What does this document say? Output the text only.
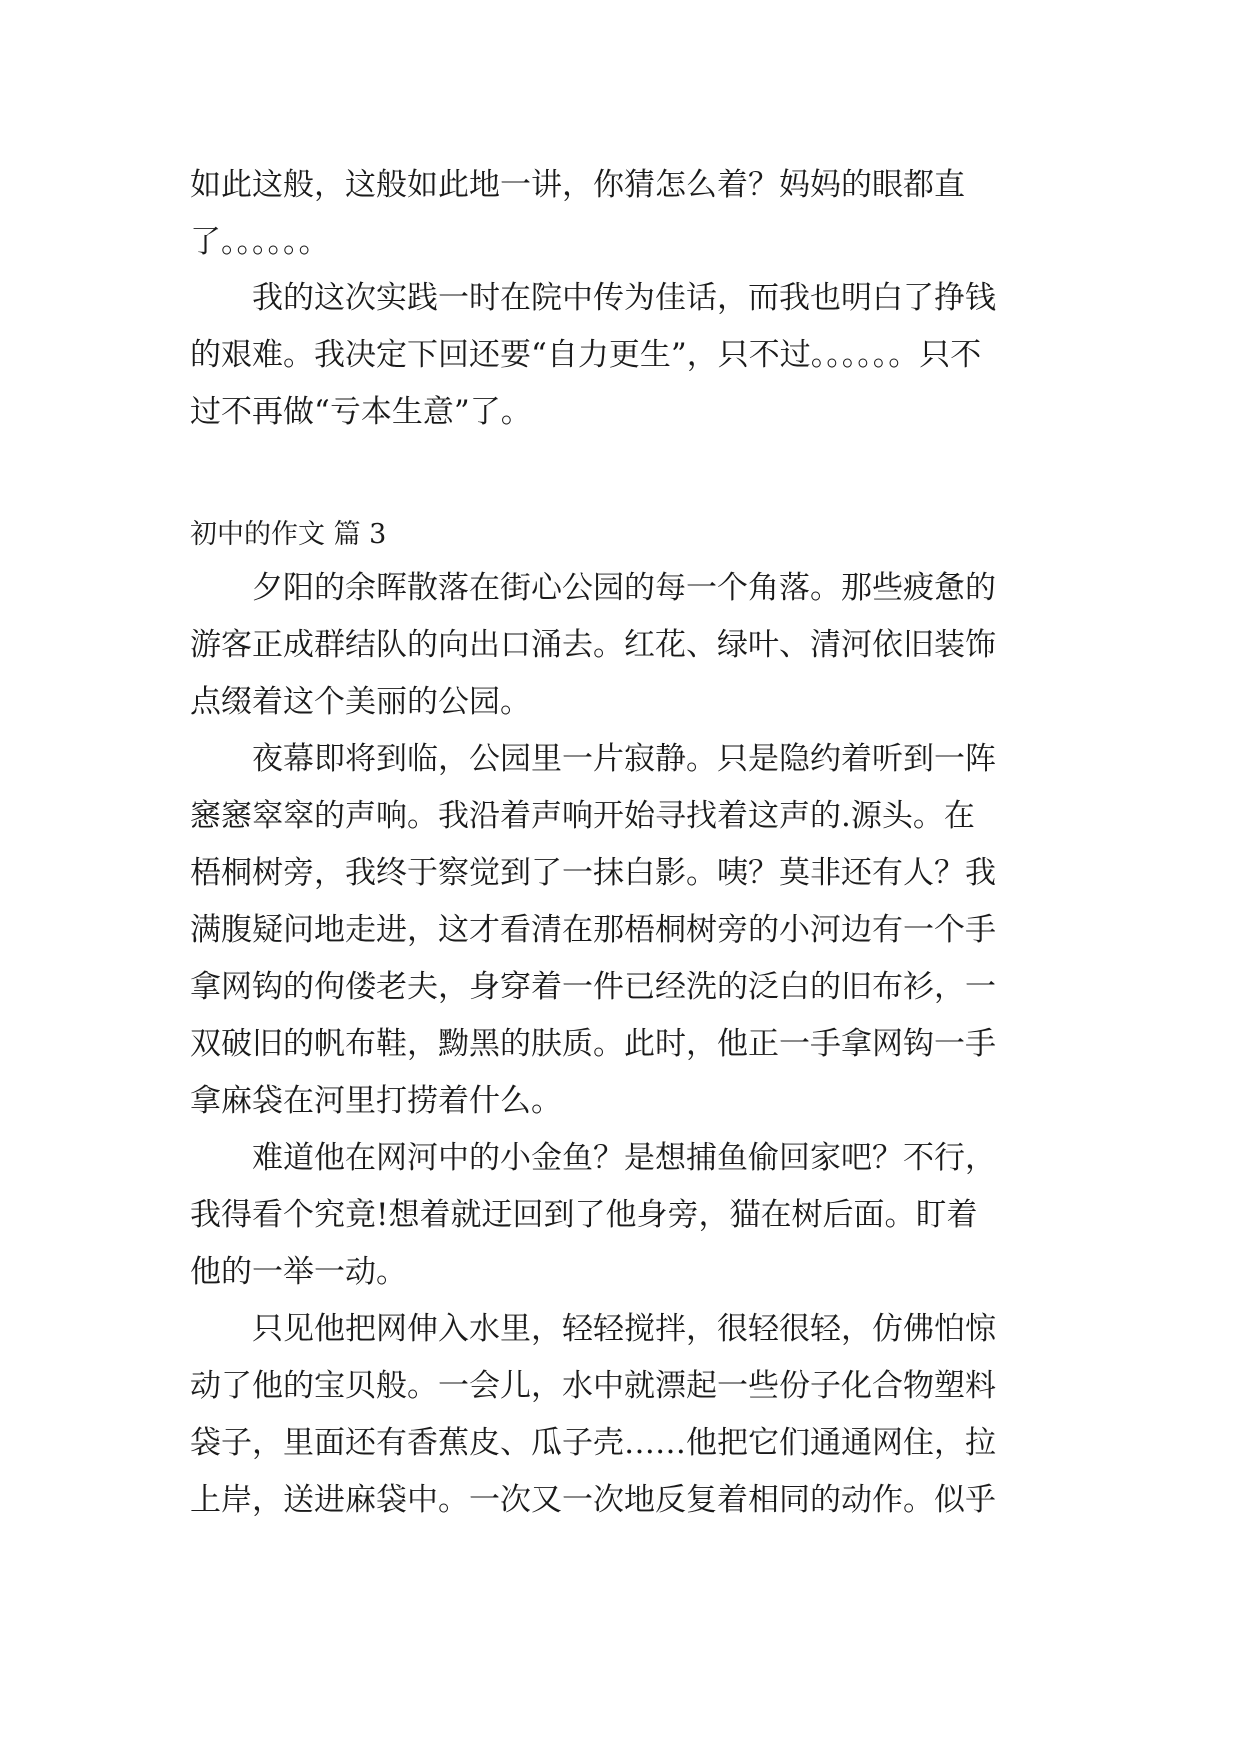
如此这般，这般如此地一讲，你猜怎么着？妈妈的眼都直
了。。。。。。
　　我的这次实践一时在院中传为佳话，而我也明白了挣钱
的艰难。我决定下回还要“自力更生”，只不过。。。。。。只不
过不再做“亏本生意”了。
初中的作文 篇 3
　　夕阳的余晖散落在街心公园的每一个角落。那些疲惫的
游客正成群结队的向出口涌去。红花、绿叶、清河依旧装饰
点缀着这个美丽的公园。
　　夜幕即将到临，公园里一片寂静。只是隐约着听到一阵
窸窸窣窣的声响。我沿着声响开始寻找着这声的.源头。在
梧桐树旁，我终于察觉到了一抹白影。咦？莫非还有人？我
满腹疑问地走进，这才看清在那梧桐树旁的小河边有一个手
拿网钩的佝偻老夫，身穿着一件已经洗的泛白的旧布衫，一
双破旧的帆布鞋，黝黑的肤质。此时，他正一手拿网钩一手
拿麻袋在河里打捞着什么。
　　难道他在网河中的小金鱼？是想捕鱼偷回家吧？不行，
我得看个究竟!想着就迂回到了他身旁，猫在树后面。盯着
他的一举一动。
　　只见他把网伸入水里，轻轻搅拌，很轻很轻，仿佛怕惊
动了他的宝贝般。一会儿，水中就漂起一些份子化合物塑料
袋子，里面还有香蕉皮、瓜子壳……他把它们通通网住，拉
上岸，送进麻袋中。一次又一次地反复着相同的动作。似乎
